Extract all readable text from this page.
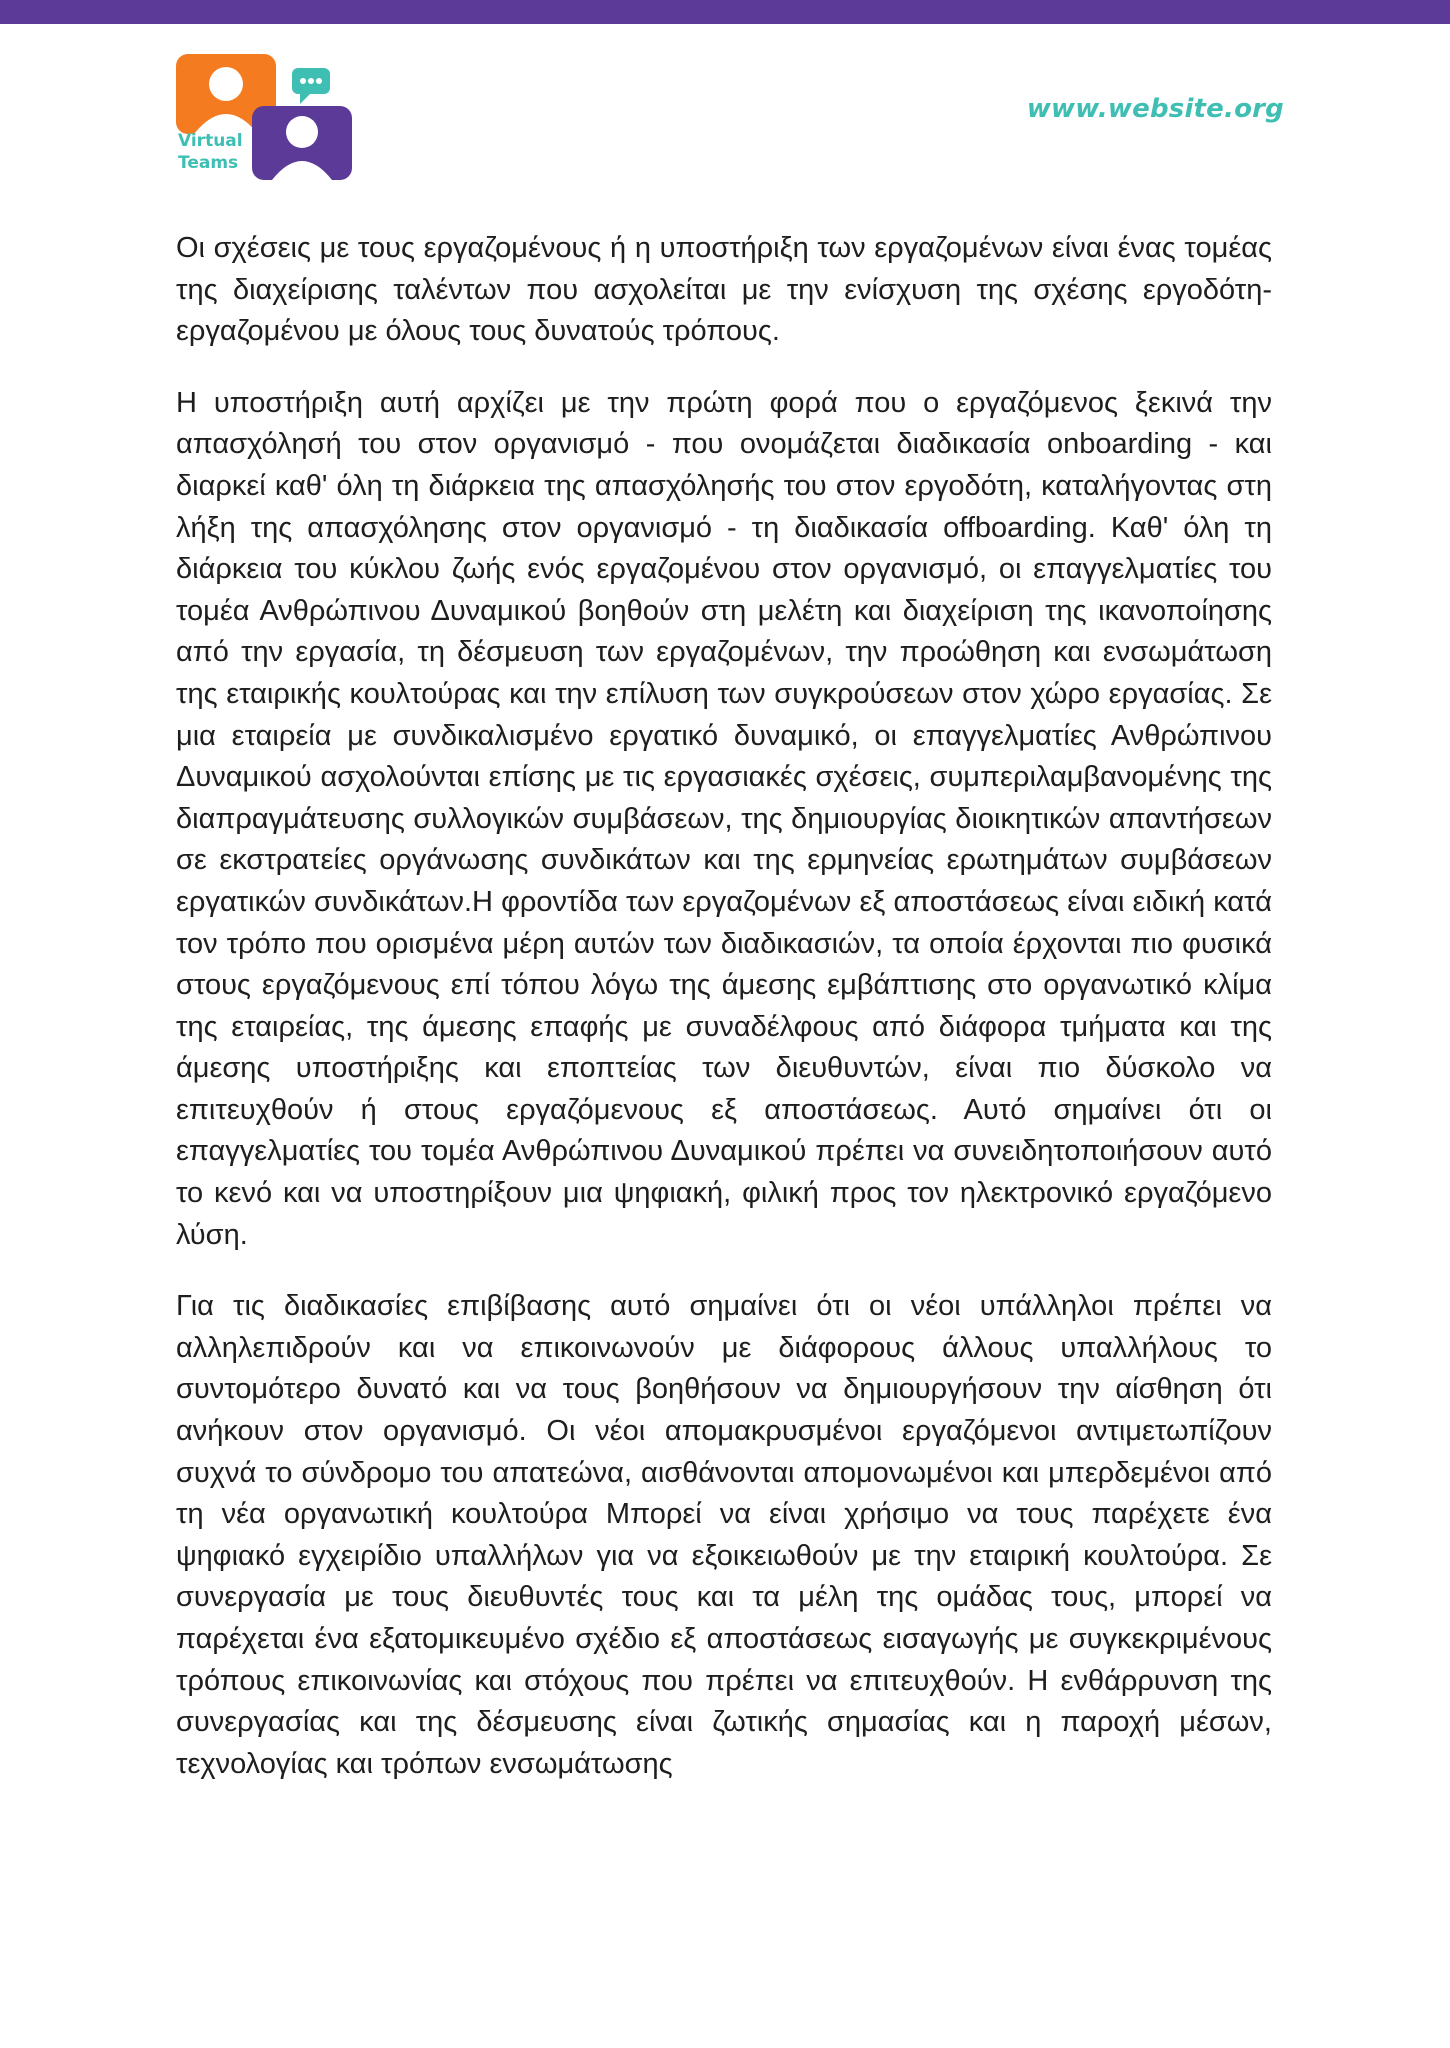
Virtual
Teams
www.website.org

Οι σχέσεις με τους εργαζομένους ή η υποστήριξη των εργαζομένων είναι ένας τομέας της διαχείρισης ταλέντων που ασχολείται με την ενίσχυση της σχέσης εργοδότη-εργαζομένου με όλους τους δυνατούς τρόπους.

Η υποστήριξη αυτή αρχίζει με την πρώτη φορά που ο εργαζόμενος ξεκινά την απασχόλησή του στον οργανισμό - που ονομάζεται διαδικασία onboarding - και διαρκεί καθ' όλη τη διάρκεια της απασχόλησής του στον εργοδότη, καταλήγοντας στη λήξη της απασχόλησης στον οργανισμό - τη διαδικασία offboarding. Καθ' όλη τη διάρκεια του κύκλου ζωής ενός εργαζομένου στον οργανισμό, οι επαγγελματίες του τομέα Ανθρώπινου Δυναμικού βοηθούν στη μελέτη και διαχείριση της ικανοποίησης από την εργασία, τη δέσμευση των εργαζομένων, την προώθηση και ενσωμάτωση της εταιρικής κουλτούρας και την επίλυση των συγκρούσεων στον χώρο εργασίας. Σε μια εταιρεία με συνδικαλισμένο εργατικό δυναμικό, οι επαγγελματίες Ανθρώπινου Δυναμικού ασχολούνται επίσης με τις εργασιακές σχέσεις, συμπεριλαμβανομένης της διαπραγμάτευσης συλλογικών συμβάσεων, της δημιουργίας διοικητικών απαντήσεων σε εκστρατείες οργάνωσης συνδικάτων και της ερμηνείας ερωτημάτων συμβάσεων εργατικών συνδικάτων.Η φροντίδα των εργαζομένων εξ αποστάσεως είναι ειδική κατά τον τρόπο που ορισμένα μέρη αυτών των διαδικασιών, τα οποία έρχονται πιο φυσικά στους εργαζόμενους επί τόπου λόγω της άμεσης εμβάπτισης στο οργανωτικό κλίμα της εταιρείας, της άμεσης επαφής με συναδέλφους από διάφορα τμήματα και της άμεσης υποστήριξης και εποπτείας των διευθυντών, είναι πιο δύσκολο να επιτευχθούν ή στους εργαζόμενους εξ αποστάσεως. Αυτό σημαίνει ότι οι επαγγελματίες του τομέα Ανθρώπινου Δυναμικού πρέπει να συνειδητοποιήσουν αυτό το κενό και να υποστηρίξουν μια ψηφιακή, φιλική προς τον ηλεκτρονικό εργαζόμενο λύση.

Για τις διαδικασίες επιβίβασης αυτό σημαίνει ότι οι νέοι υπάλληλοι πρέπει να αλληλεπιδρούν και να επικοινωνούν με διάφορους άλλους υπαλλήλους το συντομότερο δυνατό και να τους βοηθήσουν να δημιουργήσουν την αίσθηση ότι ανήκουν στον οργανισμό. Οι νέοι απομακρυσμένοι εργαζόμενοι αντιμετωπίζουν συχνά το σύνδρομο του απατεώνα, αισθάνονται απομονωμένοι και μπερδεμένοι από τη νέα οργανωτική κουλτούρα Μπορεί να είναι χρήσιμο να τους παρέχετε ένα ψηφιακό εγχειρίδιο υπαλλήλων για να εξοικειωθούν με την εταιρική κουλτούρα. Σε συνεργασία με τους διευθυντές τους και τα μέλη της ομάδας τους, μπορεί να παρέχεται ένα εξατομικευμένο σχέδιο εξ αποστάσεως εισαγωγής με συγκεκριμένους τρόπους επικοινωνίας και στόχους που πρέπει να επιτευχθούν. Η ενθάρρυνση της συνεργασίας και της δέσμευσης είναι ζωτικής σημασίας και η παροχή μέσων, τεχνολογίας και τρόπων ενσωμάτωσης
